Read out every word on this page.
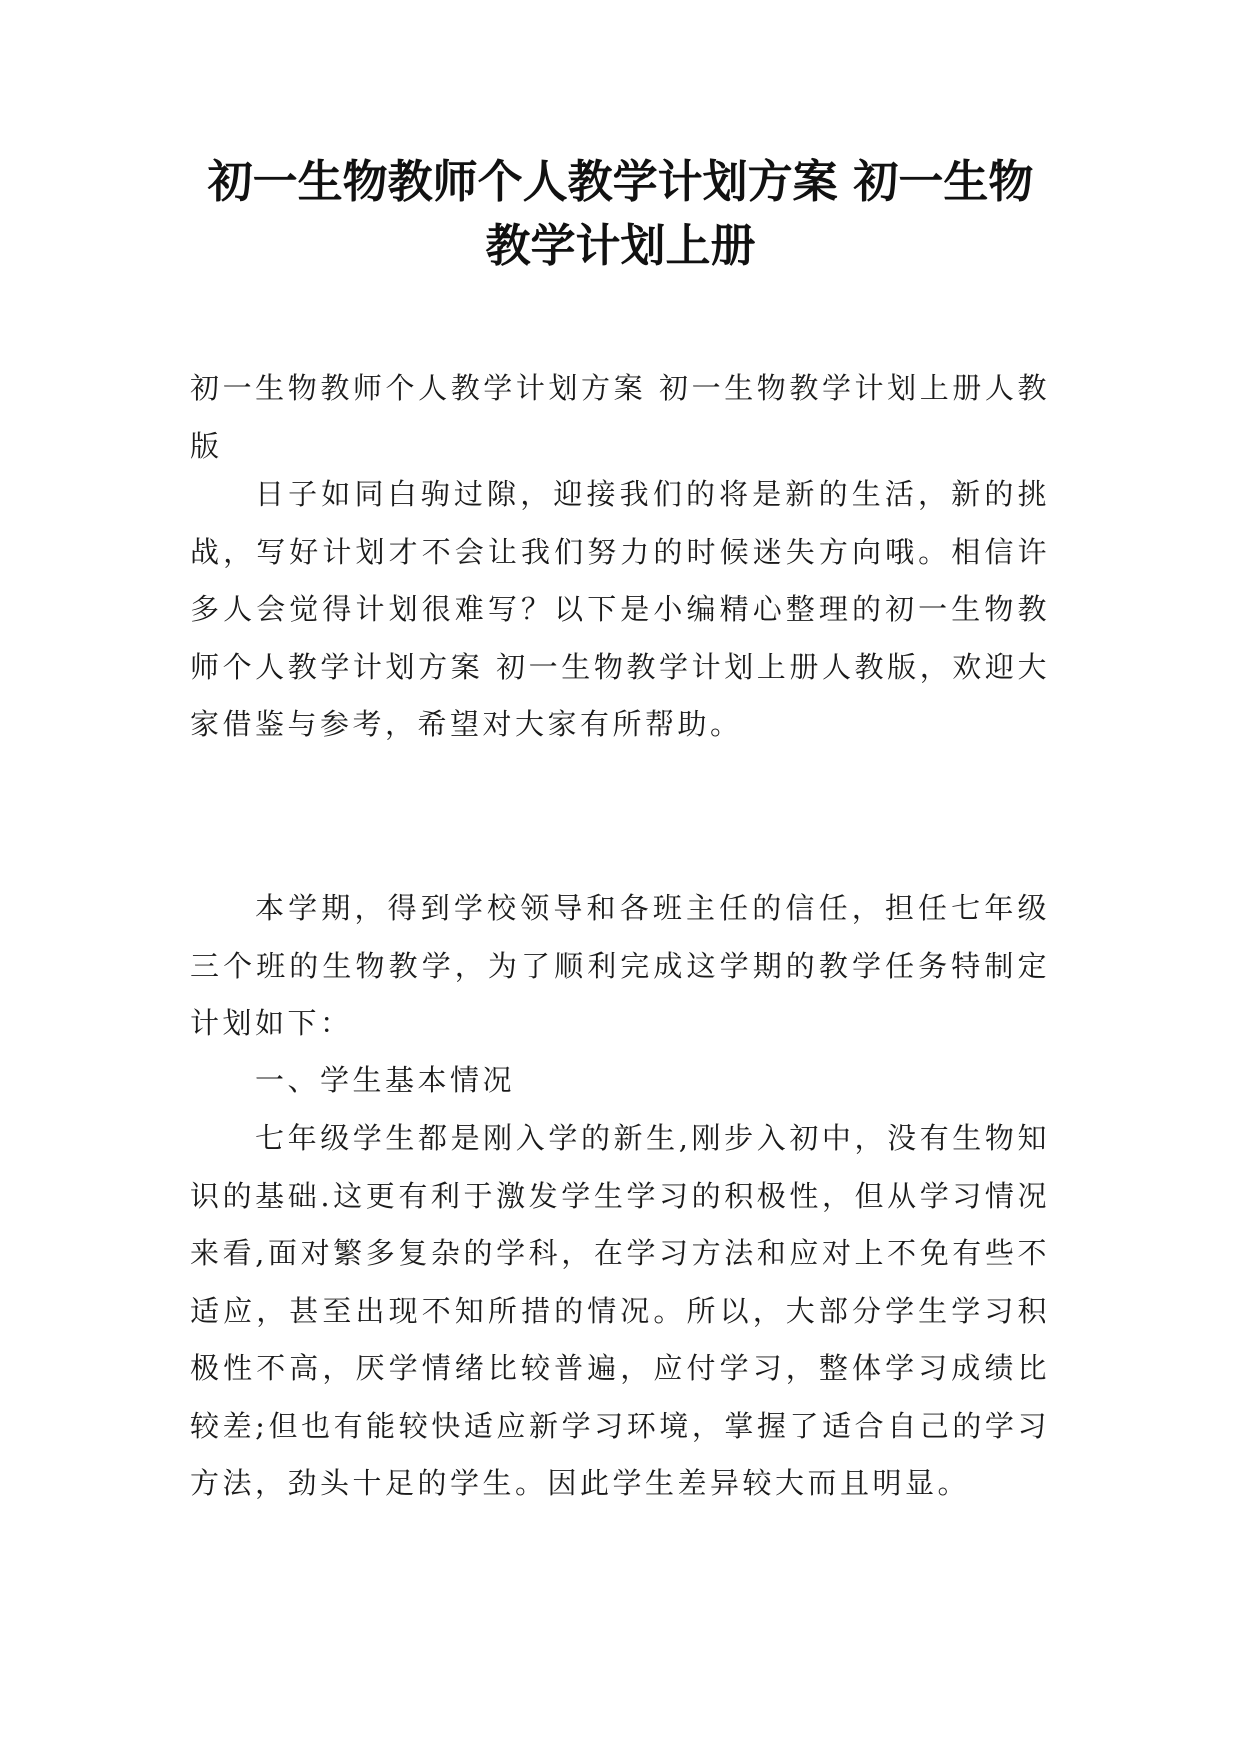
初一生物教师个人教学计划方案 初一生物
教学计划上册

初一生物教师个人教学计划方案 初一生物教学计划上册人教版

日子如同白驹过隙，迎接我们的将是新的生活，新的挑战，写好计划才不会让我们努力的时候迷失方向哦。相信许多人会觉得计划很难写？以下是小编精心整理的初一生物教师个人教学计划方案 初一生物教学计划上册人教版，欢迎大家借鉴与参考，希望对大家有所帮助。

本学期，得到学校领导和各班主任的信任，担任七年级三个班的生物教学，为了顺利完成这学期的教学任务特制定计划如下：

一、学生基本情况

七年级学生都是刚入学的新生,刚步入初中，没有生物知识的基础.这更有利于激发学生学习的积极性，但从学习情况来看,面对繁多复杂的学科，在学习方法和应对上不免有些不适应，甚至出现不知所措的情况。所以，大部分学生学习积极性不高，厌学情绪比较普遍，应付学习，整体学习成绩比较差;但也有能较快适应新学习环境，掌握了适合自己的学习方法，劲头十足的学生。因此学生差异较大而且明显。
